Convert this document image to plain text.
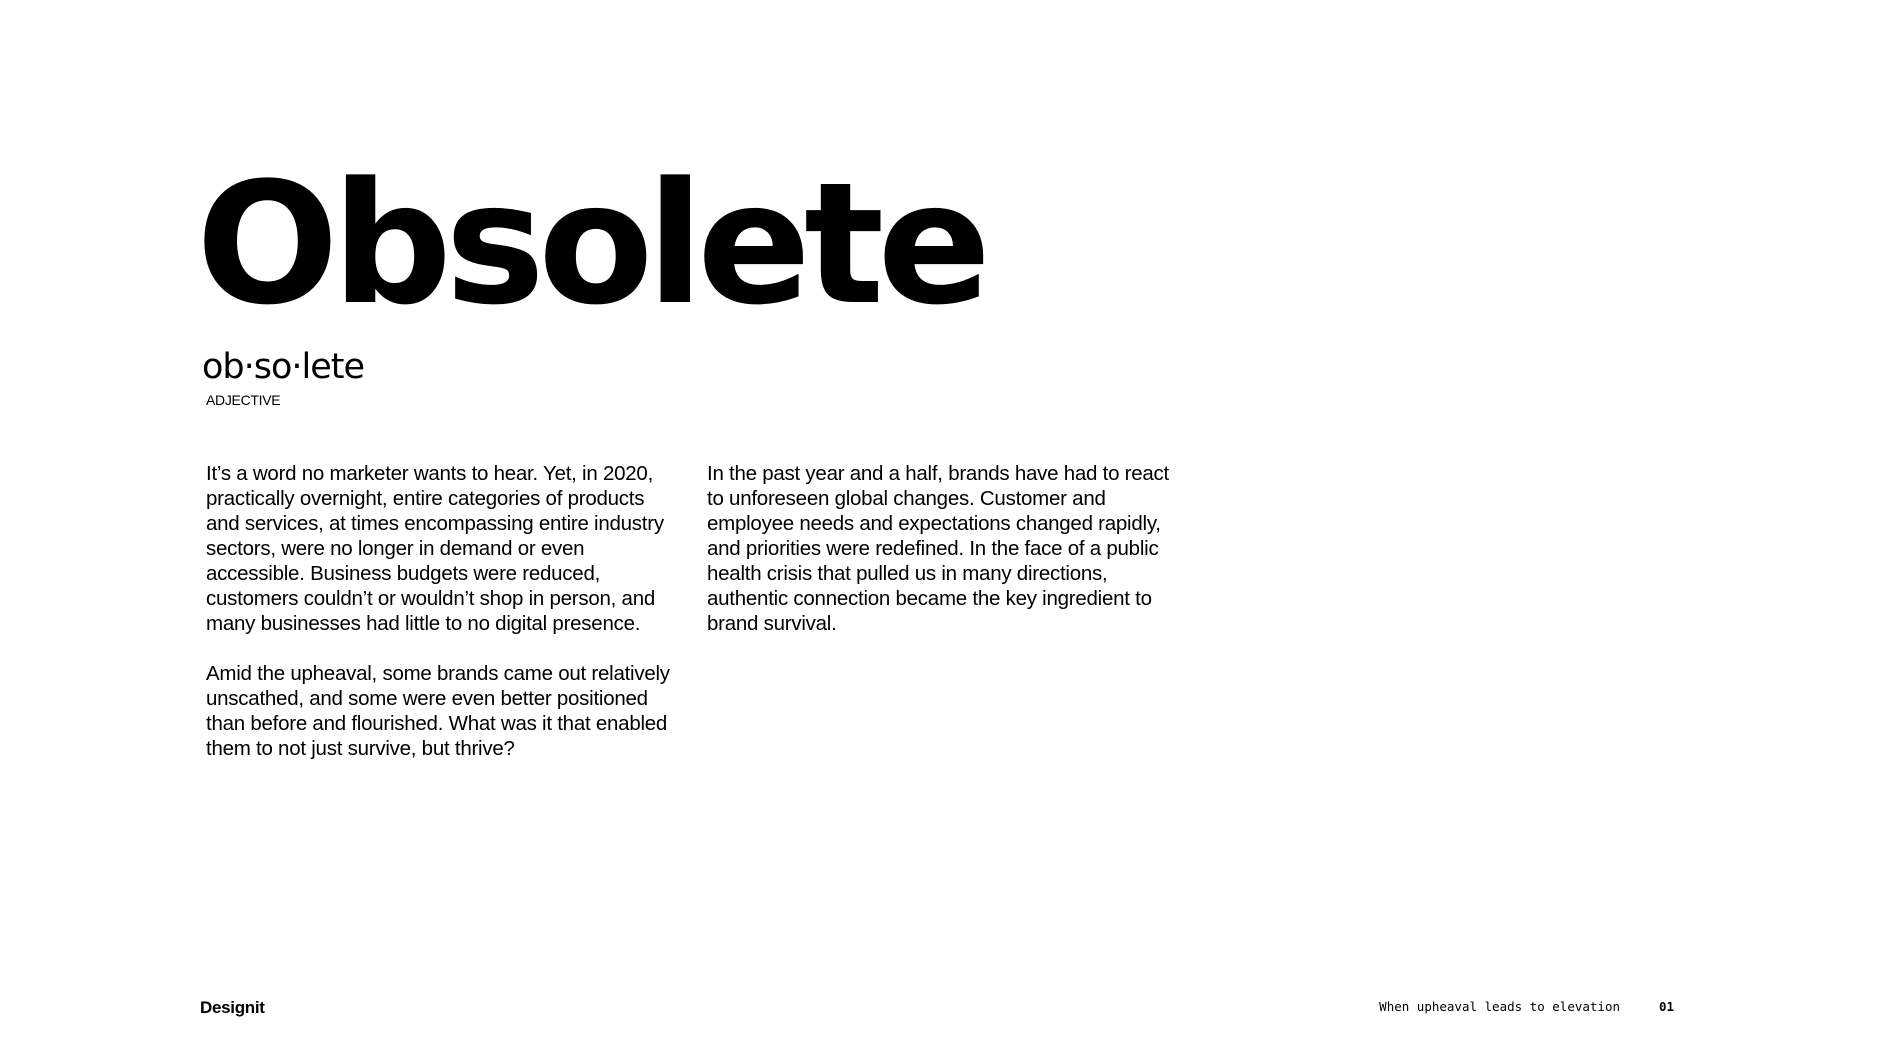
Obsolete
ob·so·lete
ADJECTIVE

It’s a word no marketer wants to hear. Yet, in 2020, practically overnight, entire categories of products and services, at times encompassing entire industry sectors, were no longer in demand or even accessible. Business budgets were reduced, customers couldn’t or wouldn’t shop in person, and many businesses had little to no digital presence.

Amid the upheaval, some brands came out relatively unscathed, and some were even better positioned than before and flourished. What was it that enabled them to not just survive, but thrive?

In the past year and a half, brands have had to react to unforeseen global changes. Customer and employee needs and expectations changed rapidly, and priorities were redefined. In the face of a public health crisis that pulled us in many directions, authentic connection became the key ingredient to brand survival.

Designit	When upheaval leads to elevation	01
